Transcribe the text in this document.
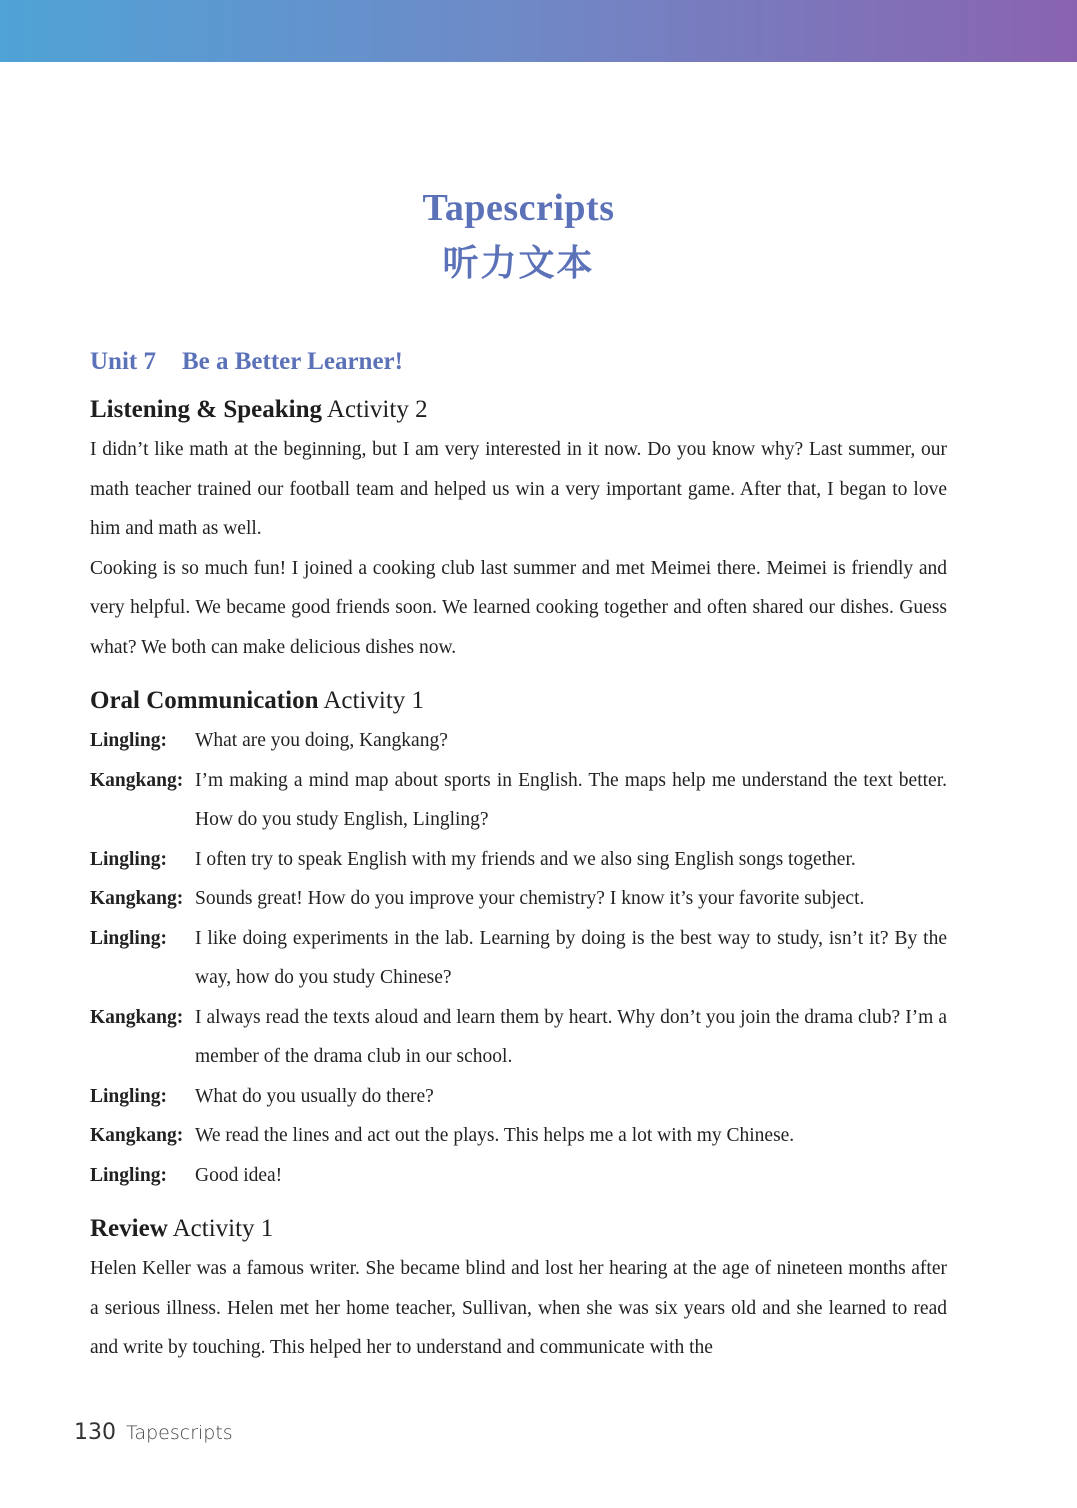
Tapescripts
听力文本
Unit 7 Be a Better Learner!
Listening & Speaking Activity 2
I didn’t like math at the beginning, but I am very interested in it now. Do you know why? Last summer, our math teacher trained our football team and helped us win a very important game. After that, I began to love him and math as well.
Cooking is so much fun! I joined a cooking club last summer and met Meimei there. Meimei is friendly and very helpful. We became good friends soon. We learned cooking together and often shared our dishes. Guess what? We both can make delicious dishes now.
Oral Communication Activity 1
Lingling:	What are you doing, Kangkang?
Kangkang: I’m making a mind map about sports in English. The maps help me understand the text better. How do you study English, Lingling?
Lingling:	I often try to speak English with my friends and we also sing English songs together.
Kangkang: Sounds great! How do you improve your chemistry? I know it’s your favorite subject.
Lingling:	I like doing experiments in the lab. Learning by doing is the best way to study, isn’t it? By the way, how do you study Chinese?
Kangkang: I always read the texts aloud and learn them by heart. Why don’t you join the drama club? I’m a member of the drama club in our school.
Lingling:	What do you usually do there?
Kangkang: We read the lines and act out the plays. This helps me a lot with my Chinese.
Lingling:	Good idea!
Review Activity 1
Helen Keller was a famous writer. She became blind and lost her hearing at the age of nineteen months after a serious illness. Helen met her home teacher, Sullivan, when she was six years old and she learned to read and write by touching. This helped her to understand and communicate with the
130 Tapescripts
